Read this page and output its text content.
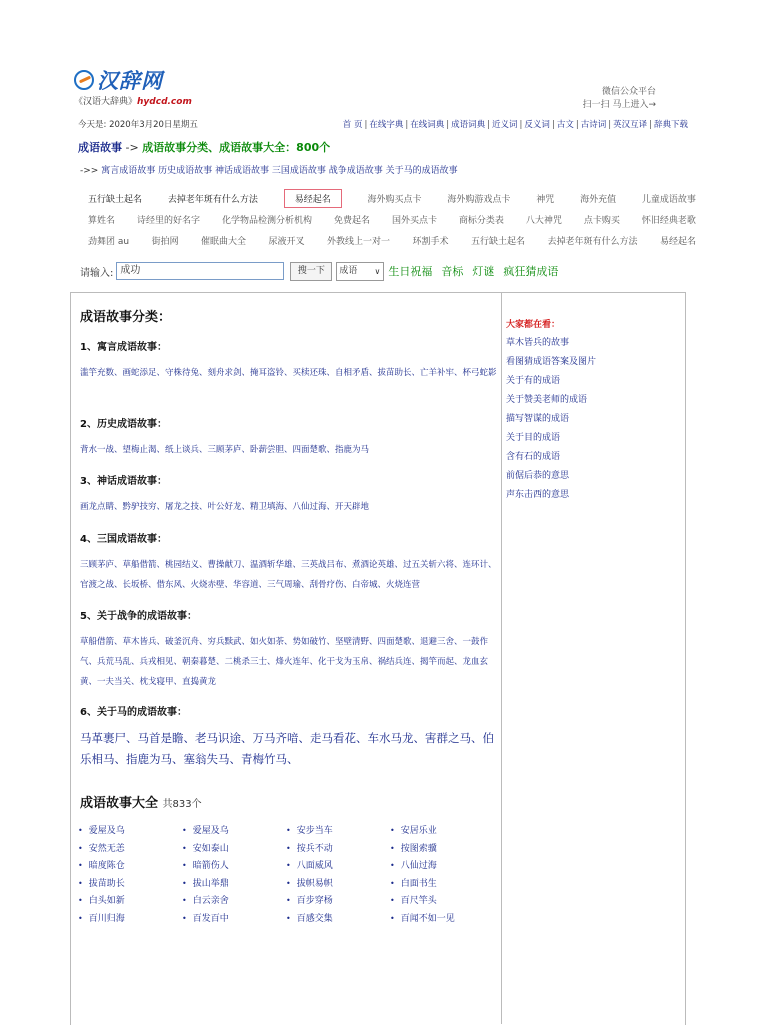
汉辞网
《汉语大辞典》hydcd.com
微信公众平台
扫一扫 马上进入→
今天是: 2020年3月20日星期五	首 页 | 在线字典 | 在线词典 | 成语词典 | 近义词 | 反义词 | 古文 | 古诗词 | 英汉互译 | 辞典下载
成语故事 -> 成语故事分类、成语故事大全：800个
->> 寓言成语故事 历史成语故事 神话成语故事 三国成语故事 战争成语故事 关于马的成语故事
五行缺土起名	去掉老年斑有什么方法	易经起名	海外购买点卡	海外购游戏点卡	神咒	海外充值	儿童成语故事
算姓名 诗经里的好名字 化学物品检测分析机构 免费起名 国外买点卡 商标分类表 八大神咒 点卡购买 怀旧经典老歌
劲舞团 au 街拍网 催眠曲大全 尿液开叉 外教线上一对一 环割手术 五行缺土起名 去掉老年斑有什么方法 易经起名
请输入: 成功	搜一下	成语 ∨ 生日祝福 音标 灯谜 疯狂猜成语
成语故事分类：
1、寓言成语故事：
滥竽充数、画蛇添足、守株待兔、刻舟求剑、掩耳盗铃、买椟还珠、自相矛盾、拔苗助长、亡羊补牢、杯弓蛇影
2、历史成语故事：
背水一战、望梅止渴、纸上谈兵、三顾茅庐、卧薪尝胆、四面楚歌、指鹿为马
3、神话成语故事：
画龙点睛、黔驴技穷、屠龙之技、叶公好龙、精卫填海、八仙过海、开天辟地
4、三国成语故事：
三顾茅庐、草船借箭、桃园结义、曹操献刀、温酒斩华雄、三英战吕布、煮酒论英雄、过五关斩六将、连环计、官渡之战、长坂桥、借东风、火烧赤壁、华容道、三气周瑜、刮骨疗伤、白帝城、火烧连营
5、关于战争的成语故事：
草船借箭、草木皆兵、破釜沉舟、穷兵黩武、如火如荼、势如破竹、坚壁清野、四面楚歌、退避三舍、一鼓作气、兵荒马乱、兵戎相见、朝秦暮楚、二桃杀三士、烽火连年、化干戈为玉帛、祸结兵连、揭竿而起、龙血玄黄、一夫当关、枕戈寝甲、直捣黄龙
6、关于马的成语故事：
马革裹尸、马首是瞻、老马识途、万马齐喑、走马看花、车水马龙、害群之马、伯乐相马、指鹿为马、塞翁失马、青梅竹马、
成语故事大全 共833个
• 爱屋及乌	• 爱屋及乌	• 安步当车	• 安居乐业
• 安然无恙	• 安如泰山	• 按兵不动	• 按图索骥
• 暗度陈仓	• 暗箭伤人	• 八面威风	• 八仙过海
• 拔苗助长	• 拔山举鼎	• 拔帜易帜	• 白面书生
• 白头如新	• 白云亲舍	• 百步穿杨	• 百尺竿头
• 百川归海	• 百发百中	• 百感交集	• 百闻不如一见
大家都在看：
草木皆兵的故事
看图猜成语答案及图片
关于有的成语
关于赞美老师的成语
描写智谋的成语
关于目的成语
含有石的成语
前倨后恭的意思
声东击西的意思
